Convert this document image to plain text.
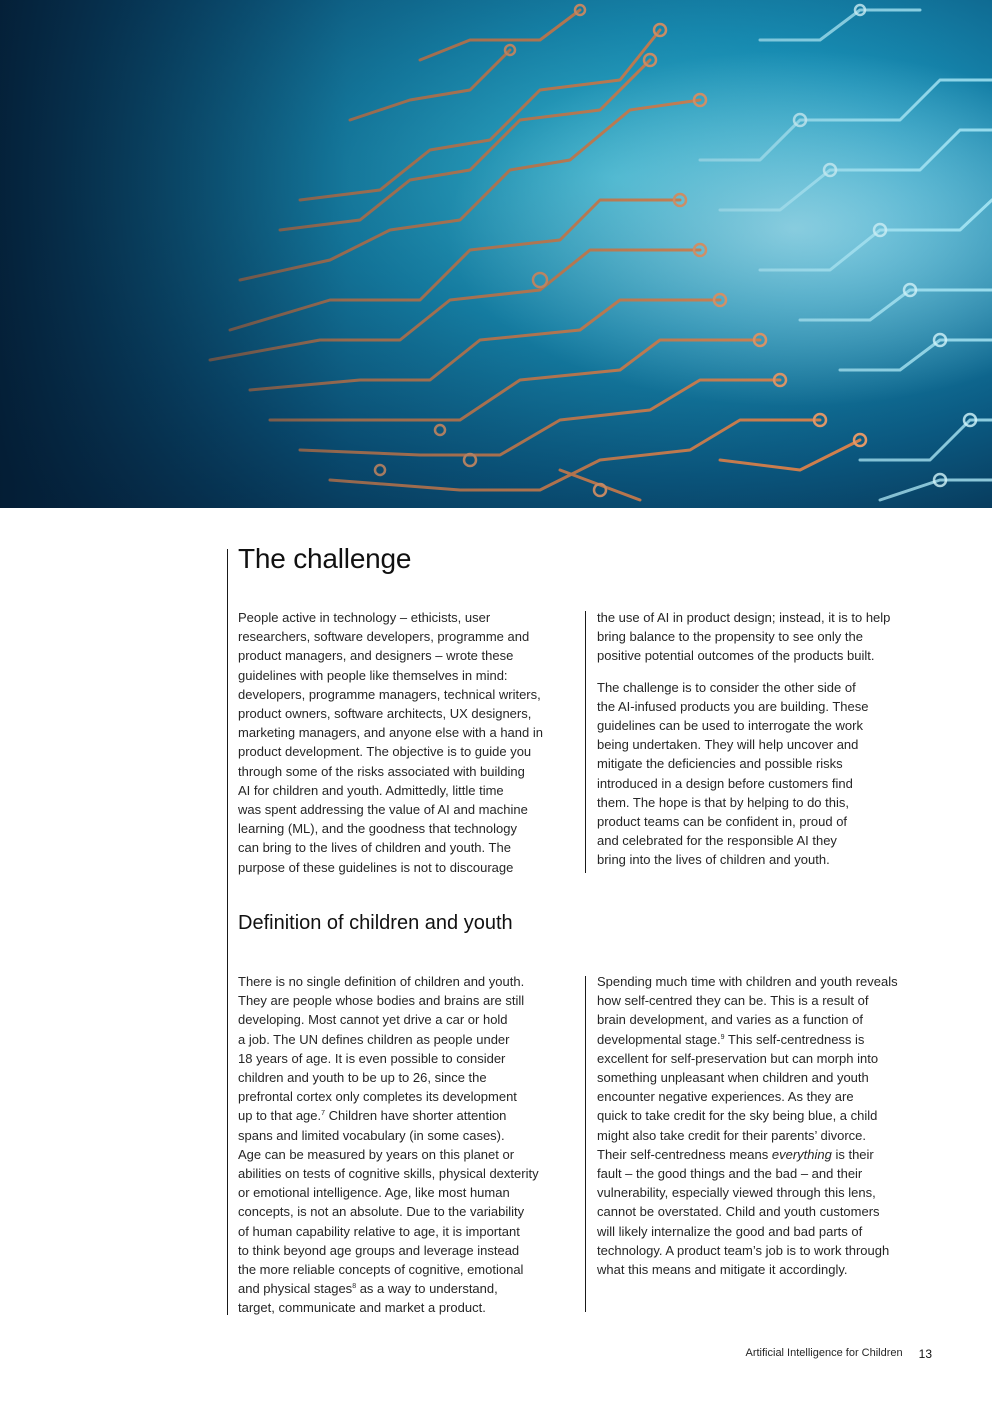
The challenge

People active in technology – ethicists, user
researchers, software developers, programme and
product managers, and designers – wrote these
guidelines with people like themselves in mind:
developers, programme managers, technical writers,
product owners, software architects, UX designers,
marketing managers, and anyone else with a hand in
product development. The objective is to guide you
through some of the risks associated with building
AI for children and youth. Admittedly, little time
was spent addressing the value of AI and machine
learning (ML), and the goodness that technology
can bring to the lives of children and youth. The
purpose of these guidelines is not to discourage

the use of AI in product design; instead, it is to help
bring balance to the propensity to see only the
positive potential outcomes of the products built.

The challenge is to consider the other side of
the AI-infused products you are building. These
guidelines can be used to interrogate the work
being undertaken. They will help uncover and
mitigate the deficiencies and possible risks
introduced in a design before customers find
them. The hope is that by helping to do this,
product teams can be confident in, proud of
and celebrated for the responsible AI they
bring into the lives of children and youth.

Definition of children and youth

There is no single definition of children and youth.
They are people whose bodies and brains are still
developing. Most cannot yet drive a car or hold
a job. The UN defines children as people under
18 years of age. It is even possible to consider
children and youth to be up to 26, since the
prefrontal cortex only completes its development
up to that age.$^7$ Children have shorter attention
spans and limited vocabulary (in some cases).
Age can be measured by years on this planet or
abilities on tests of cognitive skills, physical dexterity
or emotional intelligence. Age, like most human
concepts, is not an absolute. Due to the variability
of human capability relative to age, it is important
to think beyond age groups and leverage instead
the more reliable concepts of cognitive, emotional
and physical stages$^8$ as a way to understand,
target, communicate and market a product.

Spending much time with children and youth reveals
how self-centred they can be. This is a result of
brain development, and varies as a function of
developmental stage.$^9$ This self-centredness is
excellent for self-preservation but can morph into
something unpleasant when children and youth
encounter negative experiences. As they are
quick to take credit for the sky being blue, a child
might also take credit for their parents’ divorce.
Their self-centredness means everything is their
fault – the good things and the bad – and their
vulnerability, especially viewed through this lens,
cannot be overstated. Child and youth customers
will likely internalize the good and bad parts of
technology. A product team’s job is to work through
what this means and mitigate it accordingly.

Artificial Intelligence for Children 13
